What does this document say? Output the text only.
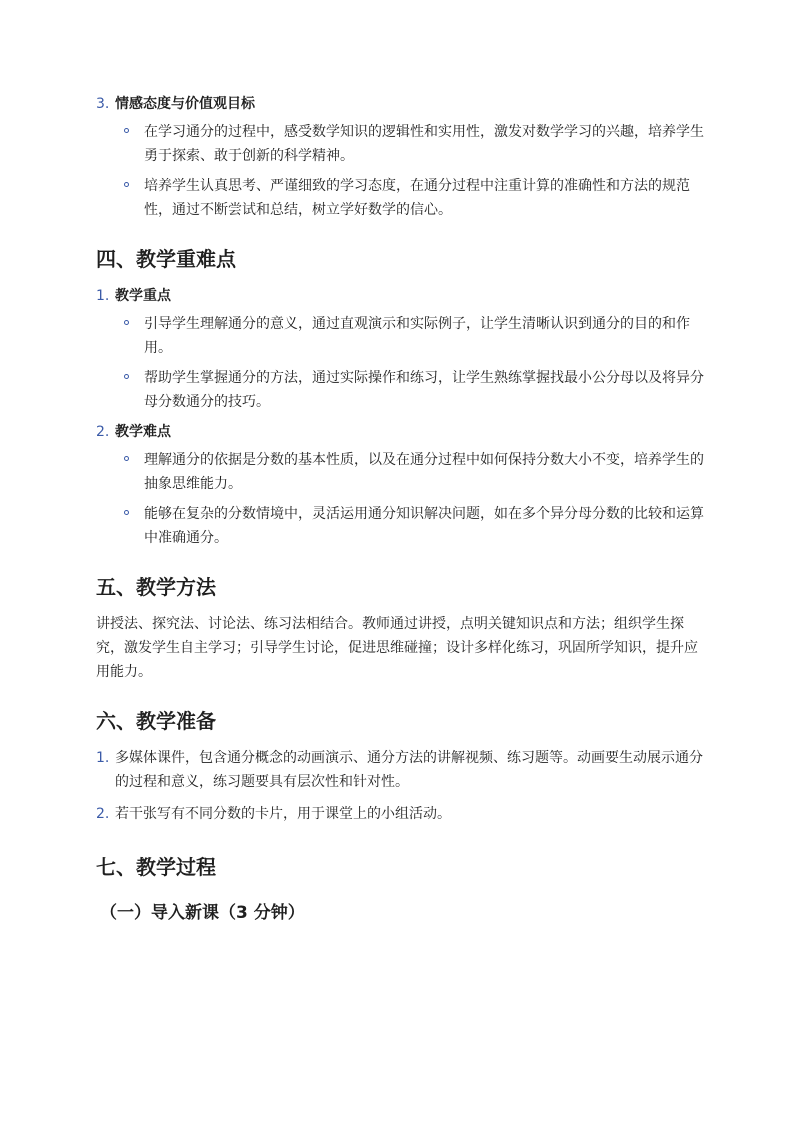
3. 情感态度与价值观目标
在学习通分的过程中，感受数学知识的逻辑性和实用性，激发对数学学习的兴趣，培养学生勇于探索、敢于创新的科学精神。
培养学生认真思考、严谨细致的学习态度，在通分过程中注重计算的准确性和方法的规范性，通过不断尝试和总结，树立学好数学的信心。
四、教学重难点
1. 教学重点
引导学生理解通分的意义，通过直观演示和实际例子，让学生清晰认识到通分的目的和作用。
帮助学生掌握通分的方法，通过实际操作和练习，让学生熟练掌握找最小公分母以及将异分母分数通分的技巧。
2. 教学难点
理解通分的依据是分数的基本性质，以及在通分过程中如何保持分数大小不变，培养学生的抽象思维能力。
能够在复杂的分数情境中，灵活运用通分知识解决问题，如在多个异分母分数的比较和运算中准确通分。
五、教学方法

讲授法、探究法、讨论法、练习法相结合。教师通过讲授，点明关键知识点和方法；组织学生探究，激发学生自主学习；引导学生讨论，促进思维碰撞；设计多样化练习，巩固所学知识，提升应用能力。

六、教学准备
1. 多媒体课件，包含通分概念的动画演示、通分方法的讲解视频、练习题等。动画要生动展示通分的过程和意义，练习题要具有层次性和针对性。
2. 若干张写有不同分数的卡片，用于课堂上的小组活动。
七、教学过程
（一）导入新课（3 分钟）
